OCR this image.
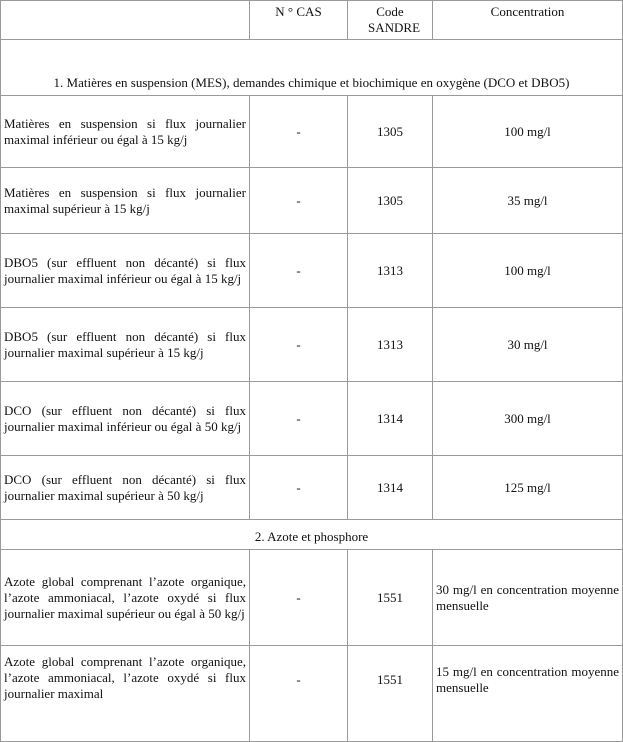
	N ° CAS	Code SANDRE	Concentration
1. Matières en suspension (MES), demandes chimique et biochimique en oxygène (DCO et DBO5)			
Matières en suspension si flux journalier maximal inférieur ou égal à 15 kg/j	-	1305	100 mg/l
Matières en suspension si flux journalier maximal supérieur à 15 kg/j	-	1305	35 mg/l
DBO5 (sur effluent non décanté) si flux journalier maximal inférieur ou égal à 15 kg/j	-	1313	100 mg/l
DBO5 (sur effluent non décanté) si flux journalier maximal supérieur à 15 kg/j	-	1313	30 mg/l
DCO (sur effluent non décanté) si flux journalier maximal inférieur ou égal à 50 kg/j	-	1314	300 mg/l
DCO (sur effluent non décanté) si flux journalier maximal supérieur à 50 kg/j	-	1314	125 mg/l
2. Azote et phosphore			
Azote global comprenant l’azote organique, l’azote ammoniacal, l’azote oxydé si flux journalier maximal supérieur ou égal à 50 kg/j	-	1551	30 mg/l en concentration moyenne mensuelle
Azote global comprenant l’azote organique, l’azote ammoniacal, l’azote oxydé si flux journalier maximal	-	1551	15 mg/l en concentration moyenne mensuelle
